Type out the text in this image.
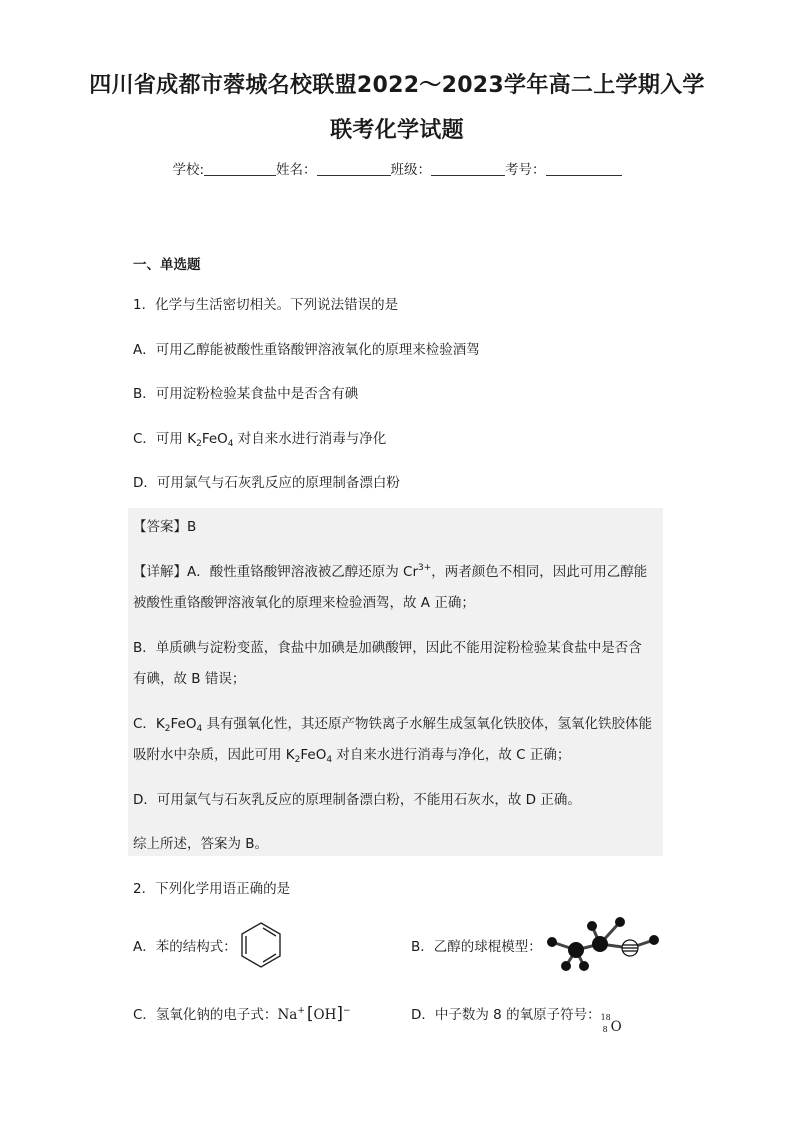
四川省成都市蓉城名校联盟2022～2023学年高二上学期入学
联考化学试题
学校:	姓名：	班级：	考号：
一、单选题
1．化学与生活密切相关。下列说法错误的是
A．可用乙醇能被酸性重铬酸钾溶液氧化的原理来检验酒驾
B．可用淀粉检验某食盐中是否含有碘
C．可用 $K_2FeO_4$ 对自来水进行消毒与净化
D．可用氯气与石灰乳反应的原理制备漂白粉
【答案】B
【详解】A．酸性重铬酸钾溶液被乙醇还原为 $Cr^{3+}$，两者颜色不相同，因此可用乙醇能
被酸性重铬酸钾溶液氧化的原理来检验酒驾，故 A 正确；
B．单质碘与淀粉变蓝，食盐中加碘是加碘酸钾，因此不能用淀粉检验某食盐中是否含
有碘，故 B 错误；
C．$K_2FeO_4$ 具有强氧化性，其还原产物铁离子水解生成氢氧化铁胶体，氢氧化铁胶体能
吸附水中杂质，因此可用 $K_2FeO_4$ 对自来水进行消毒与净化，故 C 正确；
D．可用氯气与石灰乳反应的原理制备漂白粉，不能用石灰水，故 D 正确。
综上所述，答案为 B。
2．下列化学用语正确的是
A．苯的结构式：	B．乙醇的球棍模型：
C．氢氧化钠的电子式：Na+ [OH]−	D．中子数为 8 的氧原子符号： 18
8 O
